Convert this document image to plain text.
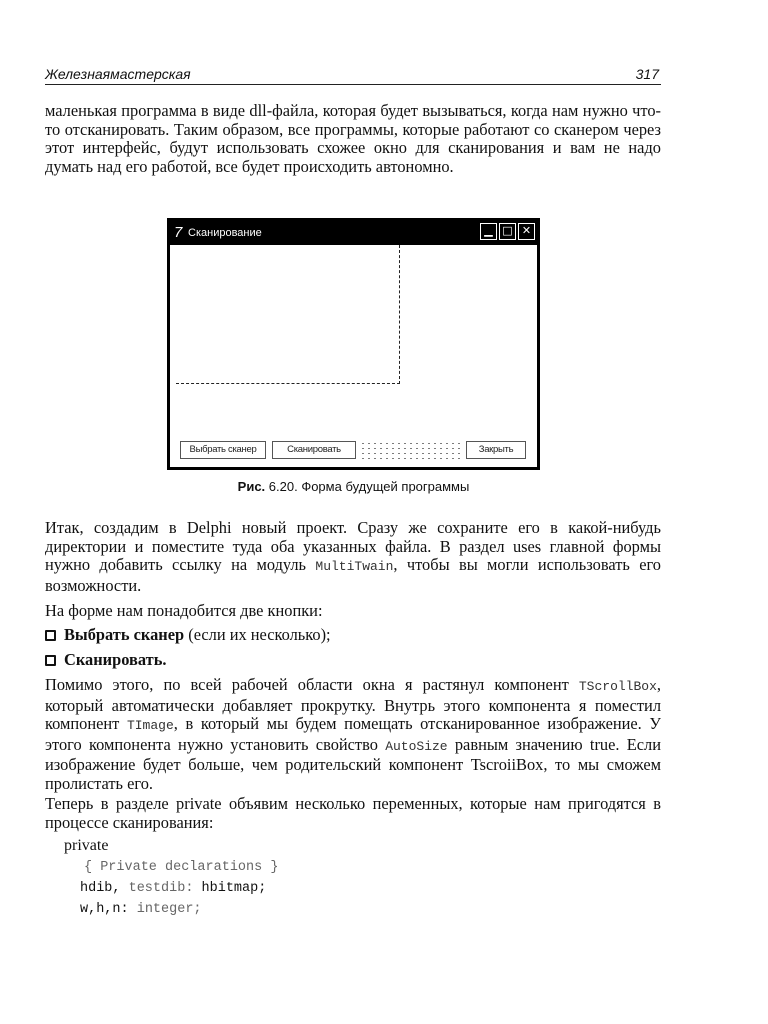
Железнаямастерская	317

маленькая программа в виде dll-файла, которая будет вызываться, когда нам нужно что-то отсканировать. Таким образом, все программы, которые работают со сканером через этот интерфейс, будут использовать схожее окно для сканирования и вам не надо думать над его работой, все будет происходить автономно.

7 Сканирование	▁ □ ✕
Выбрать сканер	Сканировать	Закрыть
Рис. 6.20. Форма будущей программы

Итак, создадим в Delphi новый проект. Сразу же сохраните его в какой-нибудь директории и поместите туда оба указанных файла. В раздел uses главной формы нужно добавить ссылку на модуль MultiTwain, чтобы вы могли использовать его возможности.

На форме нам понадобится две кнопки:

Выбрать сканер (если их несколько);
Сканировать.

Помимо этого, по всей рабочей области окна я растянул компонент TScrollBox, который автоматически добавляет прокрутку. Внутрь этого компонента я поместил компонент TImage, в который мы будем помещать отсканированное изображение. У этого компонента нужно установить свойство AutoSize равным значению true. Если изображение будет больше, чем родительский компонент TscroiiBox, то мы сможем пролистать его.

Теперь в разделе private объявим несколько переменных, которые нам пригодятся в процессе сканирования:

private
{ Private declarations }
hdib, testdib: hbitmap;
w,h,n: integer;
